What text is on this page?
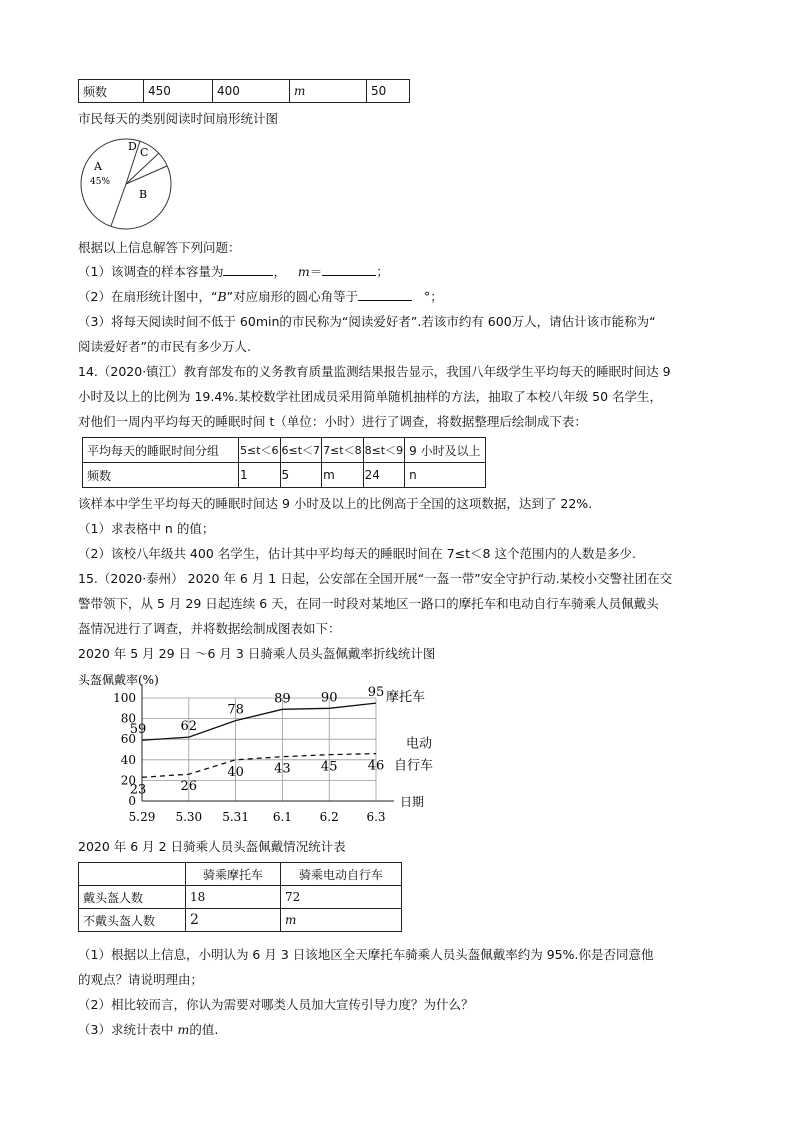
频数	450	400	m	50
市民每天的类别阅读时间扇形统计图
A
45%
B
C
D
根据以上信息解答下列问题：
（1）该调查的样本容量为	， m＝	；
（2）在扇形统计图中，“B”对应扇形的圆心角等于	°；
（3）将每天阅读时间不低于 60min的市民称为“阅读爱好者”.若该市约有 600万人，请估计该市能称为“
阅读爱好者”的市民有多少万人.
14.（2020·镇江）教育部发布的义务教育质量监测结果报告显示，我国八年级学生平均每天的睡眠时间达 9
小时及以上的比例为 19.4%.某校数学社团成员采用简单随机抽样的方法，抽取了本校八年级 50 名学生，
对他们一周内平均每天的睡眠时间 t（单位：小时）进行了调查，将数据整理后绘制成下表：
平均每天的睡眠时间分组	5≤t＜6	6≤t＜7	7≤t＜8	8≤t＜9	9 小时及以上
频数	1	5	m	24	n
该样本中学生平均每天的睡眠时间达 9 小时及以上的比例高于全国的这项数据，达到了 22%.
（1）求表格中 n 的值；
（2）该校八年级共 400 名学生，估计其中平均每天的睡眠时间在 7≤t＜8 这个范围内的人数是多少.
15.（2020·泰州） 2020 年 6 月 1 日起，公安部在全国开展“一盔一带”安全守护行动.某校小交警社团在交
警带领下，从 5 月 29 日起连续 6 天，在同一时段对某地区一路口的摩托车和电动自行车骑乘人员佩戴头
盔情况进行了调查，并将数据绘制成图表如下：
2020 年 5 月 29 日 ～6 月 3 日骑乘人员头盔佩戴率折线统计图
0
20
40
60
80
100
5.29 5.30 5.31 6.1 6.2 6.3
头盔佩戴率(%)
日期
59	62
78
89 90 95
23	26
40 43 45 46
摩托车
电动
自行车
2020 年 6 月 2 日骑乘人员头盔佩戴情况统计表
	骑乘摩托车	骑乘电动自行车
戴头盔人数	18	72
不戴头盔人数	2	m
（1）根据以上信息，小明认为 6 月 3 日该地区全天摩托车骑乘人员头盔佩戴率约为 95%.你是否同意他
的观点？请说明理由；
（2）相比较而言，你认为需要对哪类人员加大宣传引导力度？为什么？
（3）求统计表中 m的值.
